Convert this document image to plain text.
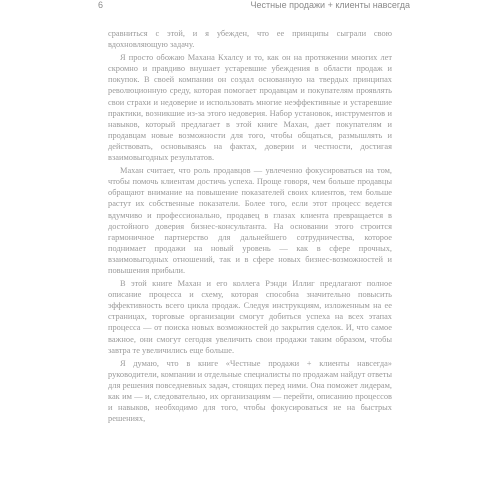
6	Честные продажи + клиенты навсегда

сравниться с этой, и я убежден, что ее принципы сыграли свою вдохновляющую задачу.

Я просто обожаю Махана Кхалсу и то, как он на протяжении многих лет скромно и правдиво внушает устаревшие убеждения в области продаж и покупок. В своей компании он создал основанную на твердых принципах революционную среду, которая помогает продавцам и покупателям проявлять свои страхи и недоверие и использовать многие неэффективные и устаревшие практики, возникшие из-за этого недоверия. Набор установок, инструментов и навыков, который предлагает в этой книге Махан, дает покупателям и продавцам новые возможности для того, чтобы общаться, размышлять и действовать, основываясь на фактах, доверии и честности, достигая взаимовыгодных результатов.

Махан считает, что роль продавцов — увлеченно фокусироваться на том, чтобы помочь клиентам достичь успеха. Проще говоря, чем больше продавцы обращают внимание на повышение показателей своих клиентов, тем больше растут их собственные показатели. Более того, если этот процесс ведется вдумчиво и профессионально, продавец в глазах клиента превращается в достойного доверия бизнес-консультанта. На основании этого строится гармоничное партнерство для дальнейшего сотрудничества, которое поднимает продажи на новый уровень — как в сфере прочных, взаимовыгодных отношений, так и в сфере новых бизнес-возможностей и повышения прибыли.

В этой книге Махан и его коллега Рэнди Иллиг предлагают полное описание процесса и схему, которая способна значительно повысить эффективность всего цикла продаж. Следуя инструкциям, изложенным на ее страницах, торговые организации смогут добиться успеха на всех этапах процесса — от поиска новых возможностей до закрытия сделок. И, что самое важное, они смогут сегодня увеличить свои продажи таким образом, чтобы завтра те увеличились еще больше.

Я думаю, что в книге «Честные продажи + клиенты навсегда» руководители, компании и отдельные специалисты по продажам найдут ответы для решения повседневных задач, стоящих перед ними. Она поможет лидерам, как им — и, следовательно, их организациям — перейти, описанию процессов и навыков, необходимо для того, чтобы фокусироваться не на быстрых решениях,
